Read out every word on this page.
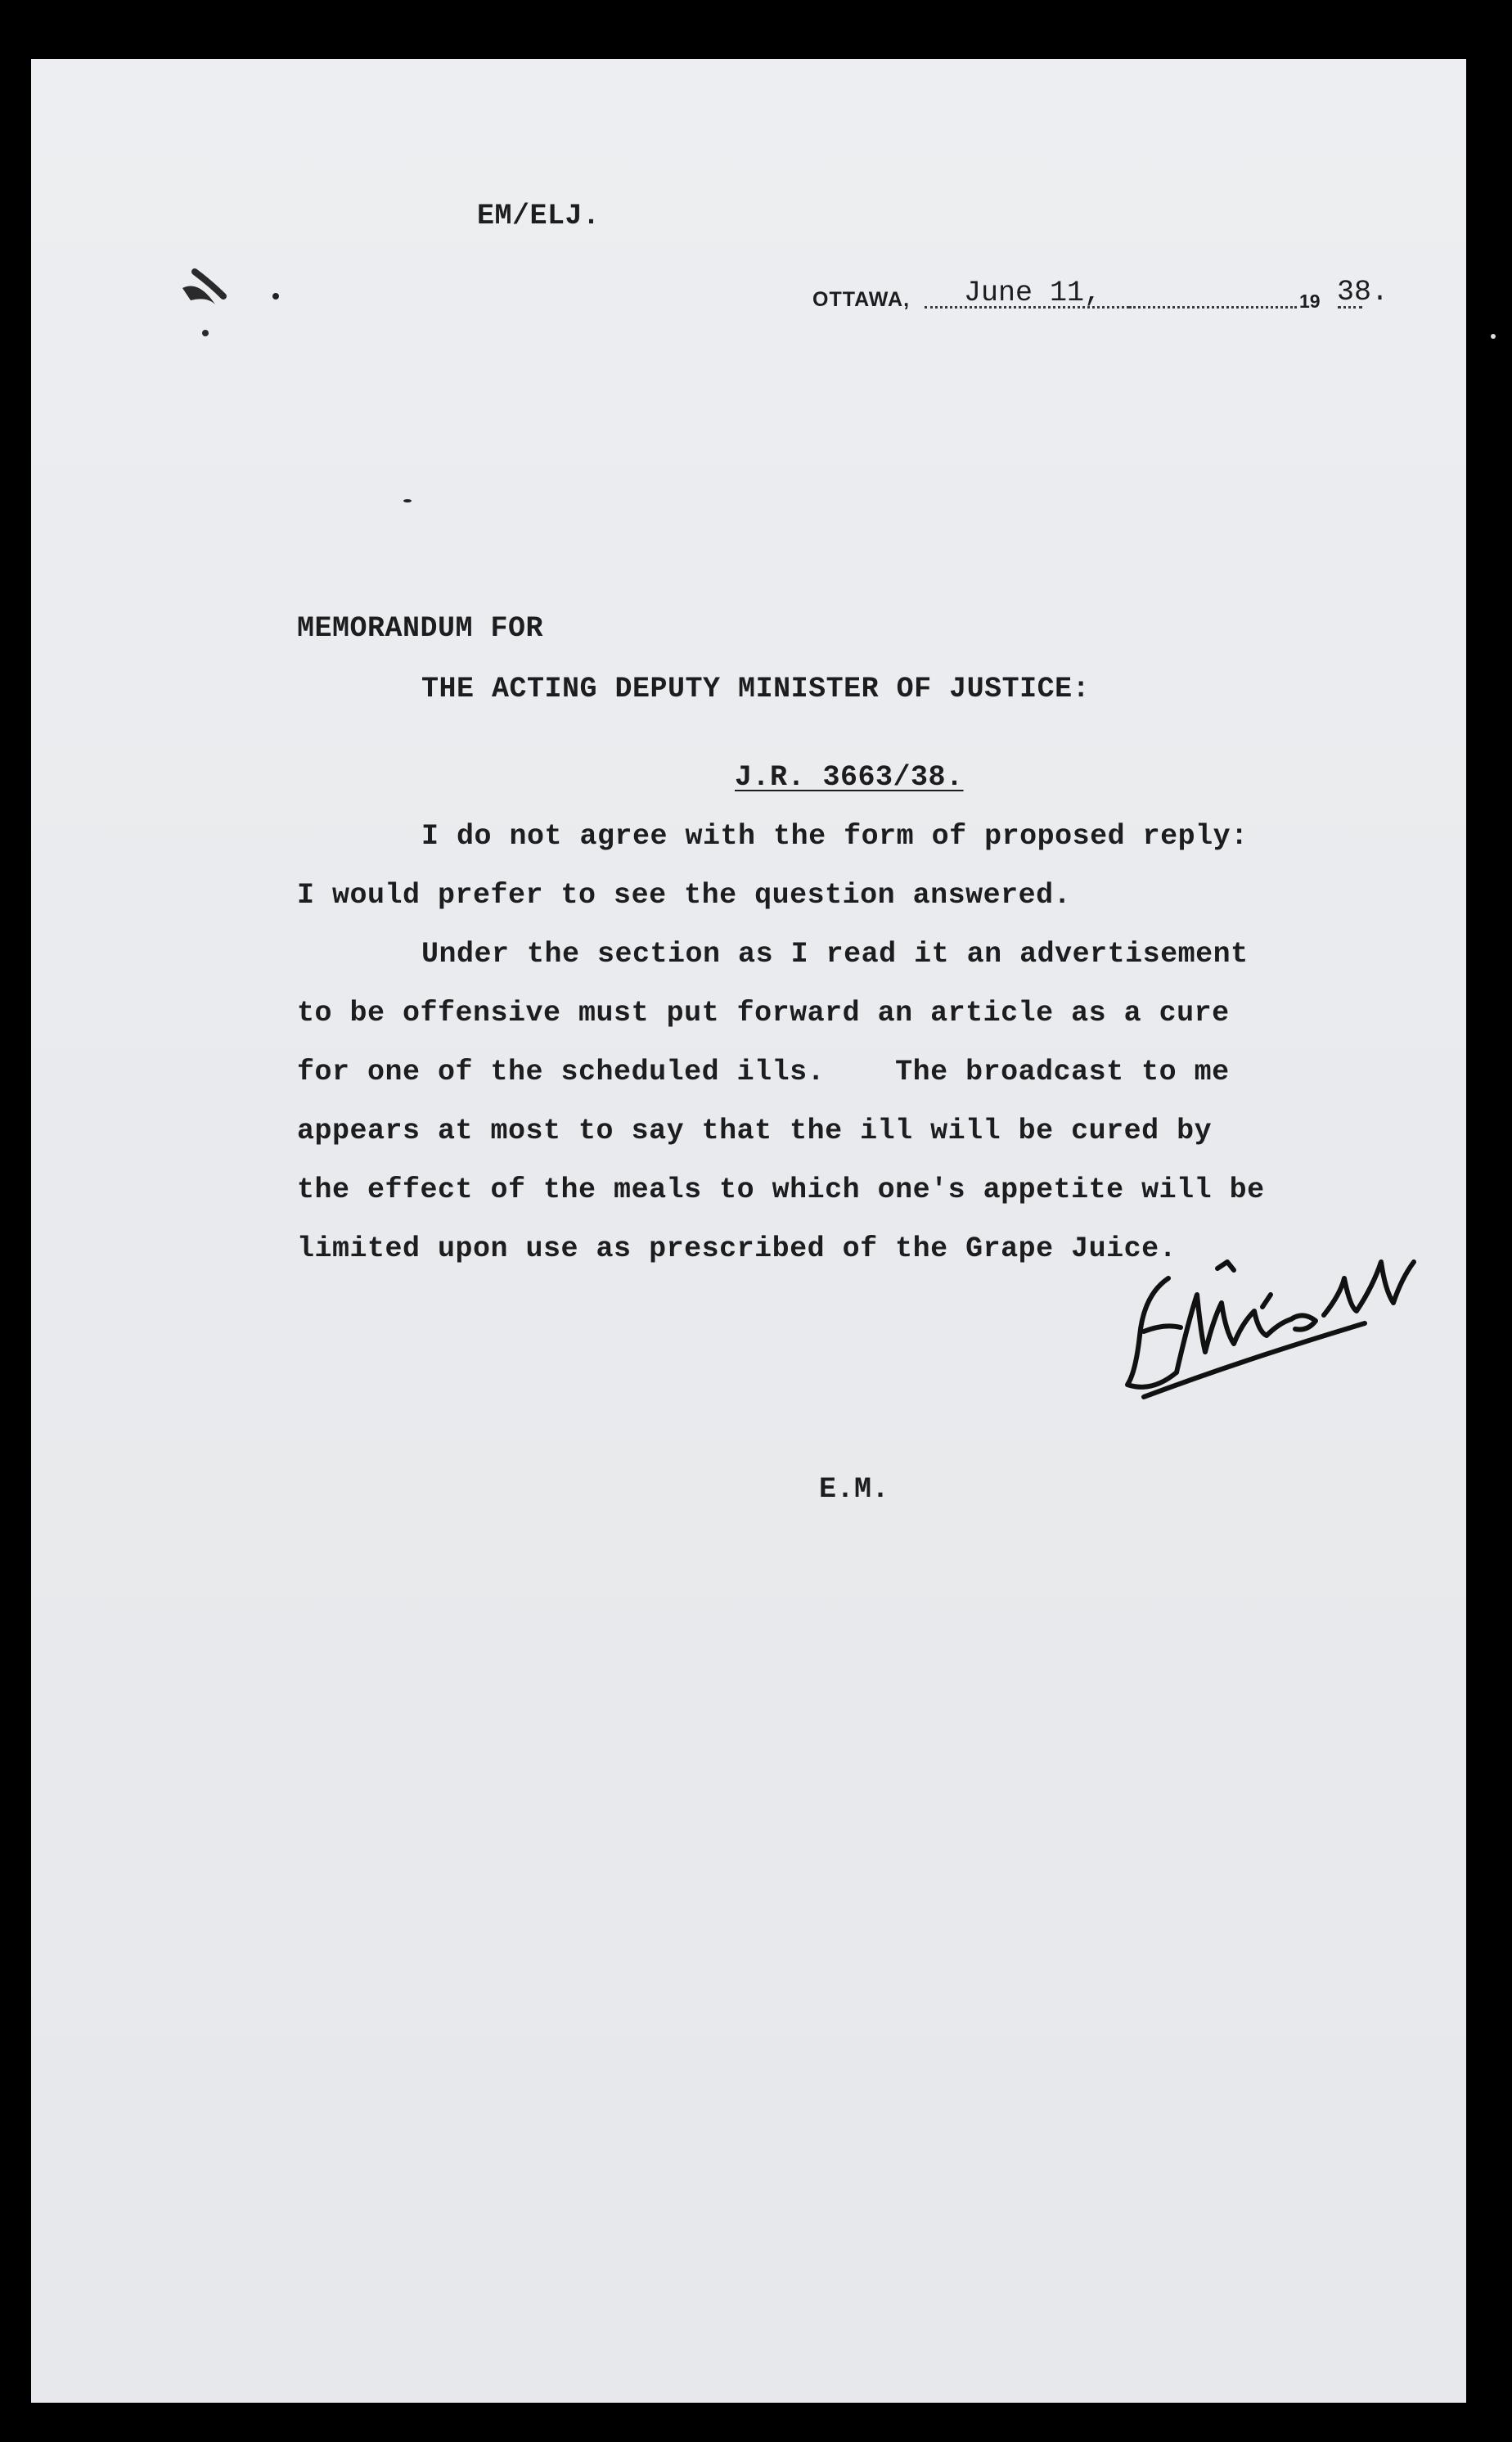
EM/ELJ.
OTTAWA, June 11,	19 38.
MEMORANDUM FOR
THE ACTING DEPUTY MINISTER OF JUSTICE:
J.R. 3663/38.
I do not agree with the form of proposed reply:
I would prefer to see the question answered.
Under the section as I read it an advertisement
to be offensive must put forward an article as a cure
for one of the scheduled ills.    The broadcast to me
appears at most to say that the ill will be cured by
the effect of the meals to which one's appetite will be
limited upon use as prescribed of the Grape Juice.
E.M.
